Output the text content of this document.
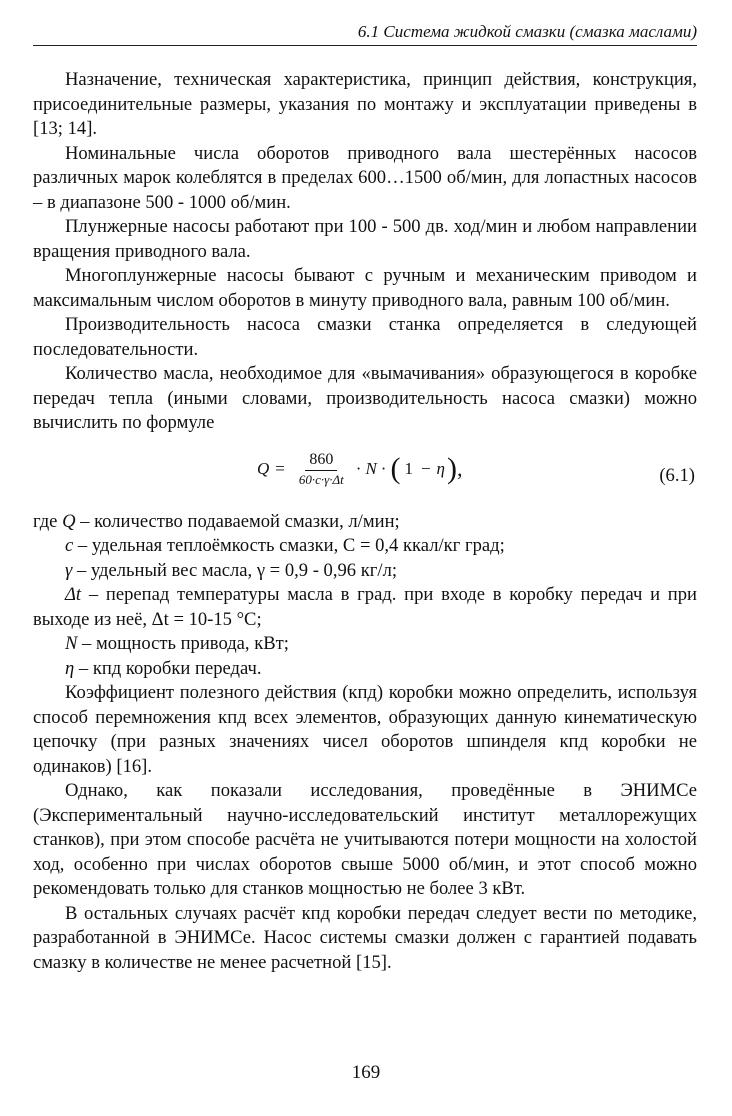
6.1 Система жидкой смазки (смазка маслами)

Назначение, техническая характеристика, принцип действия, конструкция, присоединительные размеры, указания по монтажу и эксплуатации приведены в [13; 14].

Номинальные числа оборотов приводного вала шестерённых насосов различных марок колеблятся в пределах 600…1500 об/мин, для лопастных насосов – в диапазоне 500 - 1000 об/мин.

Плунжерные насосы работают при 100 - 500 дв. ход/мин и любом направлении вращения приводного вала.

Многоплунжерные насосы бывают с ручным и механическим приводом и максимальным числом оборотов в минуту приводного вала, равным 100 об/мин.

Производительность насоса смазки станка определяется в следующей последовательности.

Количество масла, необходимое для «вымачивания» образующегося в коробке передач тепла (иными словами, производительность насоса смазки) можно вычислить по формуле

$Q = \frac{860}{60\cdot c\cdot\gamma\cdot\Delta t} \cdot N$ · ( 1 − η ) ,	(6.1)

где Q – количество подаваемой смазки, л/мин;

c – удельная теплоёмкость смазки, C = 0,4 ккал/кг град;

γ – удельный вес масла, γ = 0,9 - 0,96 кг/л;

Δt – перепад температуры масла в град. при входе в коробку передач и при выходе из неё, Δt = 10-15 °С;

N – мощность привода, кВт;

η – кпд коробки передач.

Коэффициент полезного действия (кпд) коробки можно определить, используя способ перемножения кпд всех элементов, образующих данную кинематическую цепочку (при разных значениях чисел оборотов шпинделя кпд коробки не одинаков) [16].

Однако, как показали исследования, проведённые в ЭНИМСе (Экспериментальный научно-исследовательский институт металлорежущих станков), при этом способе расчёта не учитываются потери мощности на холостой ход, особенно при числах оборотов свыше 5000 об/мин, и этот способ можно рекомендовать только для станков мощностью не более 3 кВт.

В остальных случаях расчёт кпд коробки передач следует вести по методике, разработанной в ЭНИМСе. Насос системы смазки должен с гарантией подавать смазку в количестве не менее расчетной [15].

169
